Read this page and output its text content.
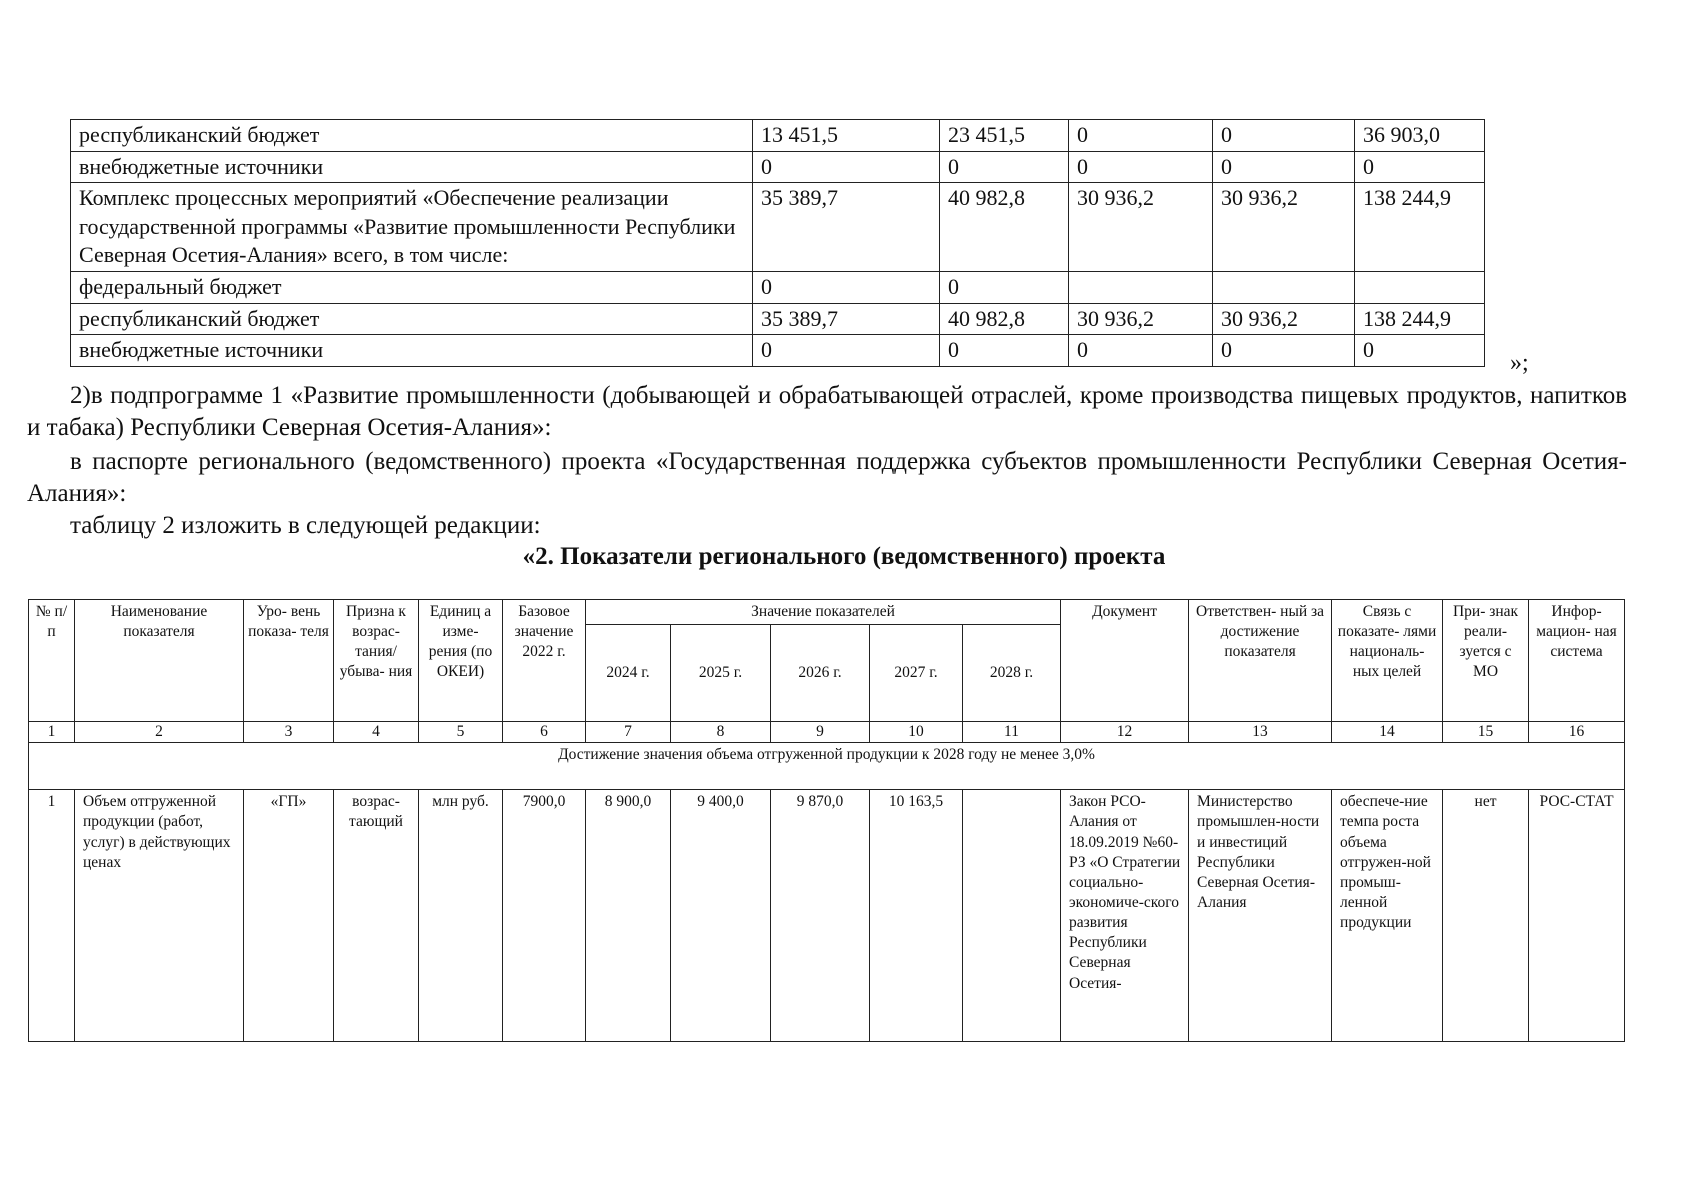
республиканский бюджет	13 451,5	23 451,5	0	0	36 903,0
внебюджетные источники	0	0	0	0	0
Комплекс процессных мероприятий «Обеспечение реализации государственной программы «Развитие промышленности Республики Северная Осетия-Алания» всего, в том числе:	35 389,7	40 982,8	30 936,2	30 936,2	138 244,9
федеральный бюджет	0	0			
республиканский бюджет	35 389,7	40 982,8	30 936,2	30 936,2	138 244,9
внебюджетные источники	0	0	0	0	0
»;
2)в подпрограмме 1 «Развитие промышленности (добывающей и обрабатывающей отраслей, кроме производства пищевых продуктов, напитков и табака) Республики Северная Осетия-Алания»:
в паспорте регионального (ведомственного) проекта «Государственная поддержка субъектов промышленности Республики Северная Осетия-Алания»:
таблицу 2 изложить в следующей редакции:
«2. Показатели регионального (ведомственного) проекта
№ п/ п	Наименование показателя	Уро- вень показа- теля	Призна к возрас- тания/ убыва- ния	Единиц а изме- рения (по ОКЕИ)	Базовое значение 2022 г.	Значение показателей					Документ	Ответствен- ный за достижение показателя	Связь с показате- лями националь- ных целей	При- знак реали- зуется с МО	Инфор- мацион- ная система
						2024 г.	2025 г.	2026 г.	2027 г.	2028 г.					
1	2	3	4	5	6	7	8	9	10	11	12	13	14	15	16
Достижение значения объема отгруженной продукции к 2028 году не менее 3,0%															
1	Объем отгруженной продукции (работ, услуг) в действующих ценах	«ГП»	возрас- тающий	млн руб.	7900,0	8 900,0	9 400,0	9 870,0	10 163,5		Закон РСО-Алания от 18.09.2019 №60-РЗ «О Стратегии социально-экономиче-ского развития Республики Северная Осетия-	Министерство промышлен-ности и инвестиций Республики Северная Осетия-Алания	обеспече-ние темпа роста объема отгружен-ной промыш-ленной продукции	нет	РОС-СТАТ
